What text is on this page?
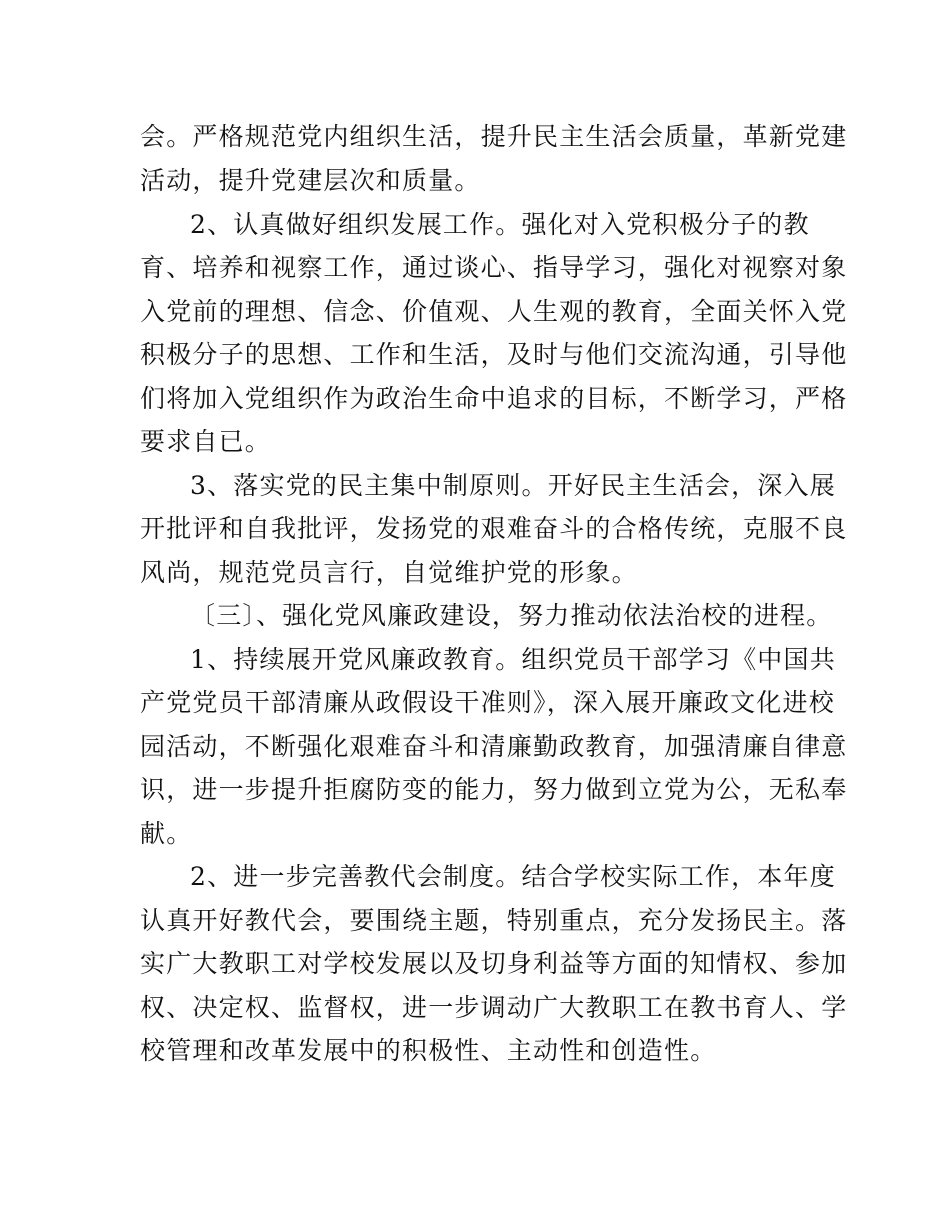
会。严格规范党内组织生活，提升民主生活会质量，革新党建
活动，提升党建层次和质量。
2、认真做好组织发展工作。强化对入党积极分子的教
育、培养和视察工作，通过谈心、指导学习，强化对视察对象
入党前的理想、信念、价值观、人生观的教育，全面关怀入党
积极分子的思想、工作和生活，及时与他们交流沟通，引导他
们将加入党组织作为政治生命中追求的目标，不断学习，严格
要求自已。
3、落实党的民主集中制原则。开好民主生活会，深入展
开批评和自我批评，发扬党的艰难奋斗的合格传统，克服不良
风尚，规范党员言行，自觉维护党的形象。
〔三〕、强化党风廉政建设，努力推动依法治校的进程。
1、持续展开党风廉政教育。组织党员干部学习《中国共
产党党员干部清廉从政假设干准则》，深入展开廉政文化进校
园活动，不断强化艰难奋斗和清廉勤政教育，加强清廉自律意
识，进一步提升拒腐防变的能力，努力做到立党为公，无私奉
献。
2、进一步完善教代会制度。结合学校实际工作，本年度
认真开好教代会，要围绕主题，特别重点，充分发扬民主。落
实广大教职工对学校发展以及切身利益等方面的知情权、参加
权、决定权、监督权，进一步调动广大教职工在教书育人、学
校管理和改革发展中的积极性、主动性和创造性。
